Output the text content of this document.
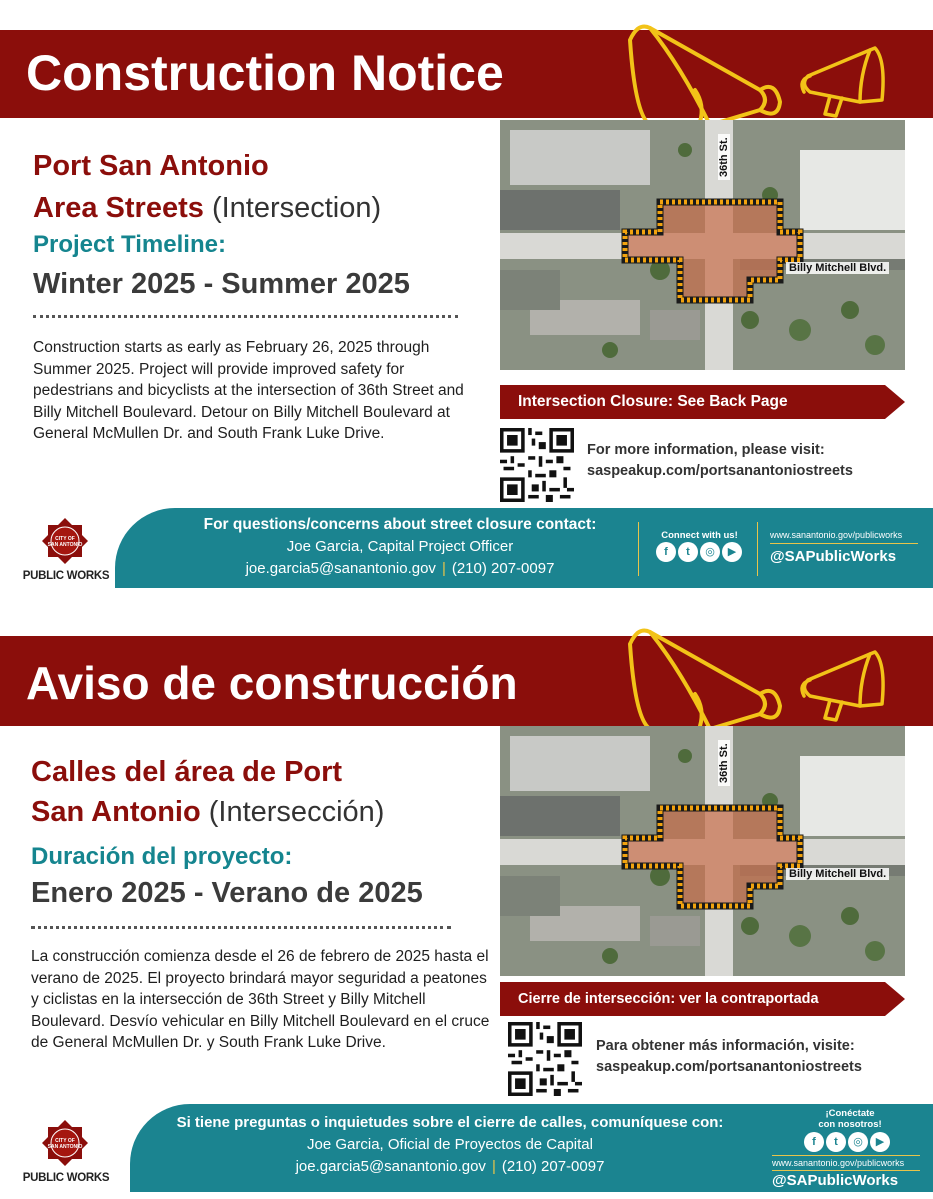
Construction Notice
Port San Antonio
Area Streets (Intersection)
Project Timeline:
Winter 2025 - Summer 2025
Construction starts as early as February 26, 2025 through Summer 2025. Project will provide improved safety for pedestrians and bicyclists at the intersection of 36th Street and Billy Mitchell Boulevard. Detour on Billy Mitchell Boulevard at General McMullen Dr. and South Frank Luke Drive.
36th St.
Billy Mitchell Blvd.
Intersection Closure: See Back Page
For more information, please visit:
saspeakup.com/portsanantoniostreets
CITY OF
SAN ANTONIO
PUBLIC WORKS
For questions/concerns about street closure contact:
Joe Garcia, Capital Project Officer
joe.garcia5@sanantonio.gov | (210) 207-0097
Connect with us!
f	t	◎	▶
www.sanantonio.gov/publicworks
@SAPublicWorks
Aviso de construcción
Calles del área de Port
San Antonio (Intersección)
Duración del proyecto:
Enero 2025 - Verano de 2025
La construcción comienza desde el 26 de febrero de 2025 hasta el verano de 2025. El proyecto brindará mayor seguridad a peatones y ciclistas en la intersección de 36th Street y Billy Mitchell Boulevard. Desvío vehicular en Billy Mitchell Boulevard en el cruce de General McMullen Dr. y South Frank Luke Drive.
36th St.
Billy Mitchell Blvd.
Cierre de intersección: ver la contraportada
Para obtener más información, visite:
saspeakup.com/portsanantoniostreets
CITY OF
SAN ANTONIO
PUBLIC WORKS
Si tiene preguntas o inquietudes sobre el cierre de calles, comuníquese con:
Joe Garcia, Oficial de Proyectos de Capital
joe.garcia5@sanantonio.gov | (210) 207-0097
¡Conéctate
con nosotros!
f	t	◎	▶
www.sanantonio.gov/publicworks
@SAPublicWorks
